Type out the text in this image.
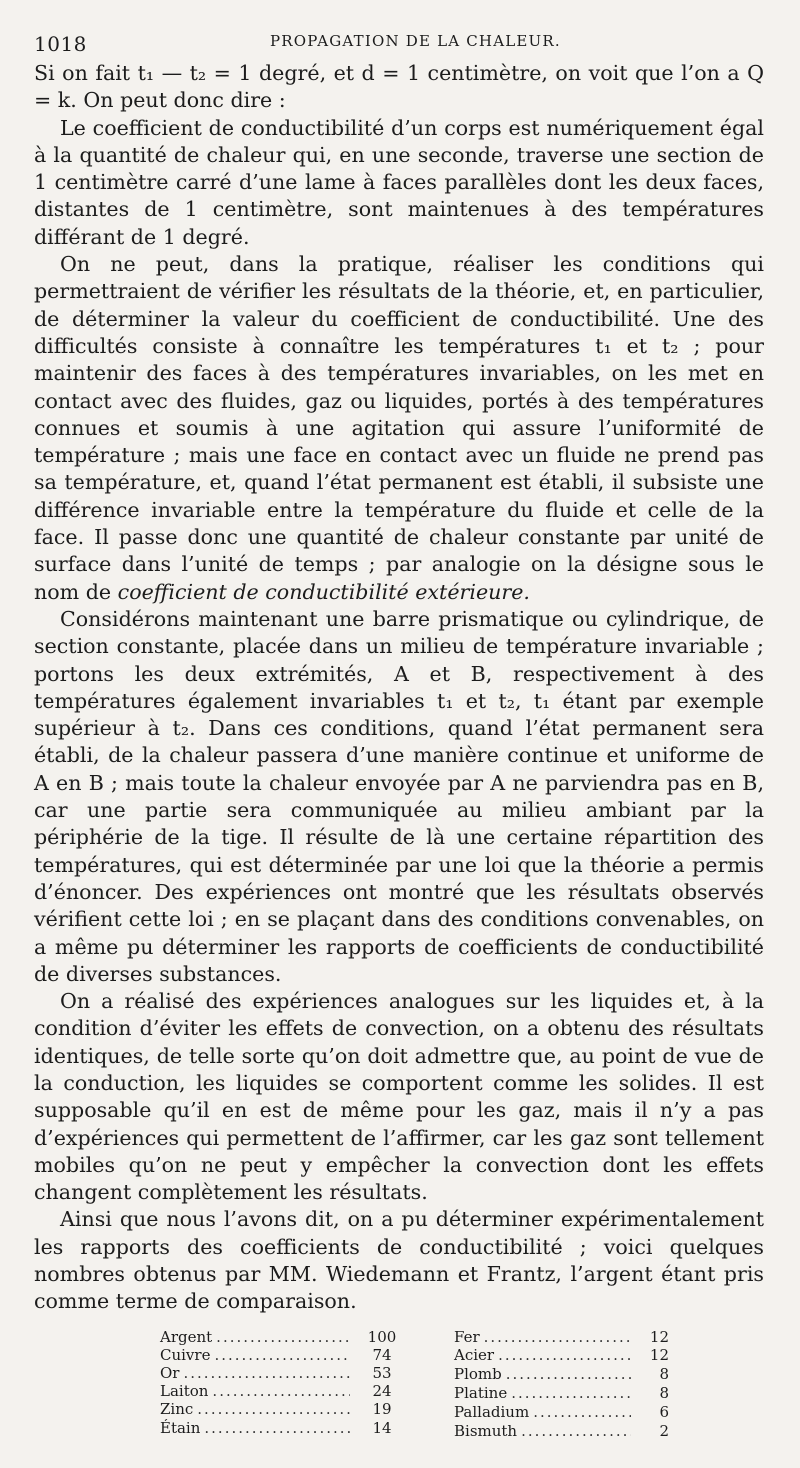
1018	PROPAGATION DE LA CHALEUR.

Si on fait t₁ — t₂ = 1 degré, et d = 1 centimètre, on voit que l’on a Q = k. On peut donc dire :

Le coefficient de conductibilité d’un corps est numériquement égal à la quantité de chaleur qui, en une seconde, traverse une section de 1 centimètre carré d’une lame à faces parallèles dont les deux faces, distantes de 1 centimètre, sont maintenues à des températures différant de 1 degré.

On ne peut, dans la pratique, réaliser les conditions qui permettraient de vérifier les résultats de la théorie, et, en particulier, de déterminer la valeur du coefficient de conductibilité. Une des difficultés consiste à connaître les températures t₁ et t₂ ; pour maintenir des faces à des températures invariables, on les met en contact avec des fluides, gaz ou liquides, portés à des températures connues et soumis à une agitation qui assure l’uniformité de température ; mais une face en contact avec un fluide ne prend pas sa température, et, quand l’état permanent est établi, il subsiste une différence invariable entre la température du fluide et celle de la face. Il passe donc une quantité de chaleur constante par unité de surface dans l’unité de temps ; par analogie on la désigne sous le nom de coefficient de conductibilité extérieure.

Considérons maintenant une barre prismatique ou cylindrique, de section constante, placée dans un milieu de température invariable ; portons les deux extrémités, A et B, respectivement à des températures également invariables t₁ et t₂, t₁ étant par exemple supérieur à t₂. Dans ces conditions, quand l’état permanent sera établi, de la chaleur passera d’une manière continue et uniforme de A en B ; mais toute la chaleur envoyée par A ne parviendra pas en B, car une partie sera communiquée au milieu ambiant par la périphérie de la tige. Il résulte de là une certaine répartition des températures, qui est déterminée par une loi que la théorie a permis d’énoncer. Des expériences ont montré que les résultats observés vérifient cette loi ; en se plaçant dans des conditions convenables, on a même pu déterminer les rapports de coefficients de conductibilité de diverses substances.

On a réalisé des expériences analogues sur les liquides et, à la condition d’éviter les effets de convection, on a obtenu des résultats identiques, de telle sorte qu’on doit admettre que, au point de vue de la conduction, les liquides se comportent comme les solides. Il est supposable qu’il en est de même pour les gaz, mais il n’y a pas d’expériences qui permettent de l’affirmer, car les gaz sont tellement mobiles qu’on ne peut y empêcher la convection dont les effets changent complètement les résultats.

Ainsi que nous l’avons dit, on a pu déterminer expérimentalement les rapports des coefficients de conductibilité ; voici quelques nombres obtenus par MM. Wiedemann et Frantz, l’argent étant pris comme terme de comparaison.

Argent .....	100
Cuivre .....	74
Or .....	53
Laiton .....	24
Zinc .....	19
Étain .....	14
Fer .....	12
Acier .....	12
Plomb .....	8
Platine .....	8
Palladium .....	6
Bismuth .....	2
